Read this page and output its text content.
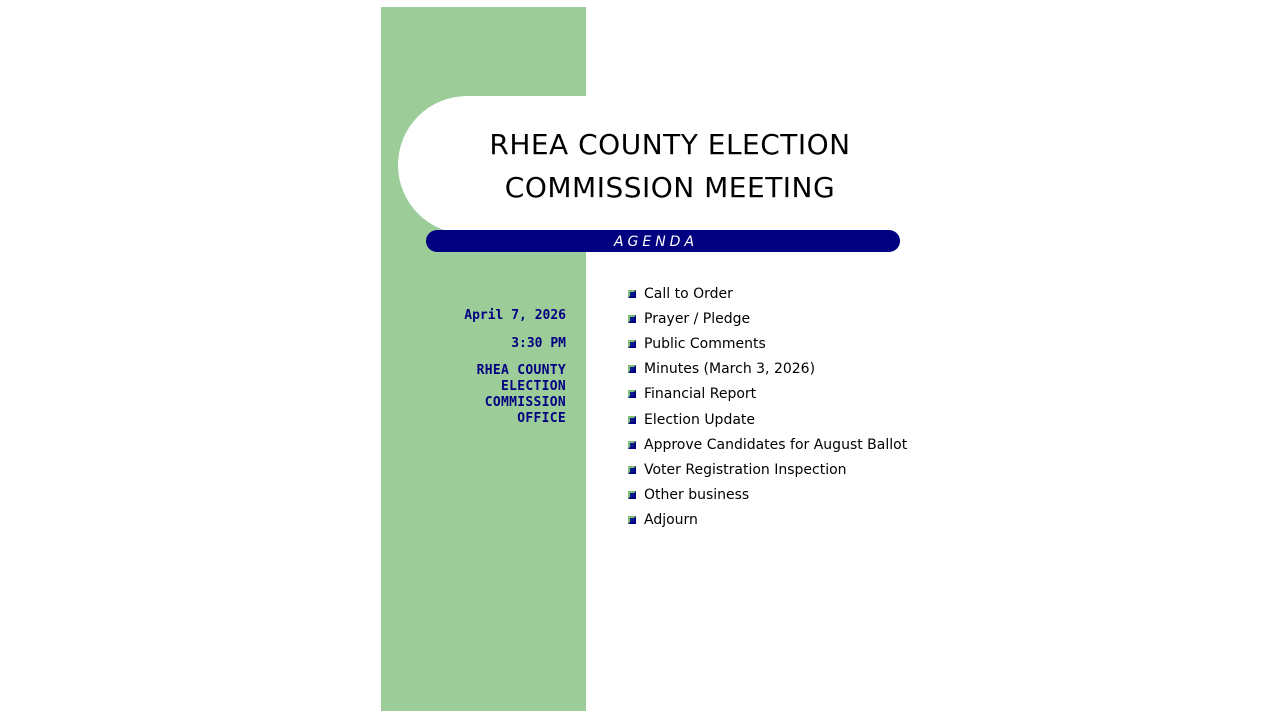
RHEA COUNTY ELECTION
COMMISSION MEETING
AGENDA

April 7, 2026

3:30 PM

RHEA COUNTY
ELECTION
COMMISSION
OFFICE

Call to Order
Prayer / Pledge
Public Comments
Minutes (March 3, 2026)
Financial Report
Election Update
Approve Candidates for August Ballot
Voter Registration Inspection
Other business
Adjourn
